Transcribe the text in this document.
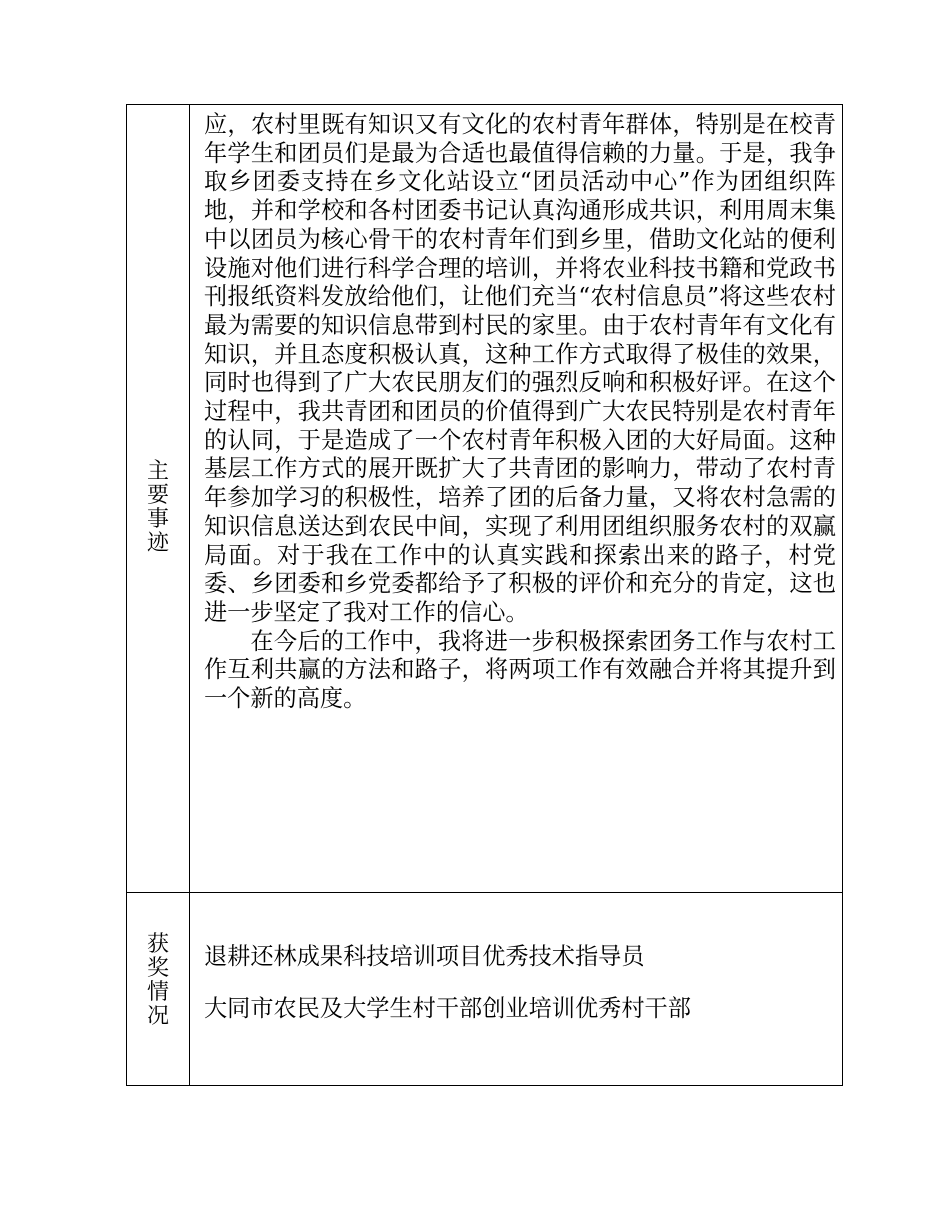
主要事迹	应，农村里既有知识又有文化的农村青年群体，特别是在校青年学生和团员们是最为合适也最值得信赖的力量。于是，我争取乡团委支持在乡文化站设立“团员活动中心”作为团组织阵地，并和学校和各村团委书记认真沟通形成共识，利用周末集中以团员为核心骨干的农村青年们到乡里，借助文化站的便利设施对他们进行科学合理的培训，并将农业科技书籍和党政书刊报纸资料发放给他们，让他们充当“农村信息员”将这些农村最为需要的知识信息带到村民的家里。由于农村青年有文化有知识，并且态度积极认真，这种工作方式取得了极佳的效果，同时也得到了广大农民朋友们的强烈反响和积极好评。在这个过程中，我共青团和团员的价值得到广大农民特别是农村青年的认同，于是造成了一个农村青年积极入团的大好局面。这种基层工作方式的展开既扩大了共青团的影响力，带动了农村青年参加学习的积极性，培养了团的后备力量，又将农村急需的知识信息送达到农民中间，实现了利用团组织服务农村的双赢局面。对于我在工作中的认真实践和探索出来的路子，村党委、乡团委和乡党委都给予了积极的评价和充分的肯定，这也进一步坚定了我对工作的信心。

在今后的工作中，我将进一步积极探索团务工作与农村工作互利共赢的方法和路子，将两项工作有效融合并将其提升到一个新的高度。

获奖情况	退耕还林成果科技培训项目优秀技术指导员

大同市农民及大学生村干部创业培训优秀村干部
